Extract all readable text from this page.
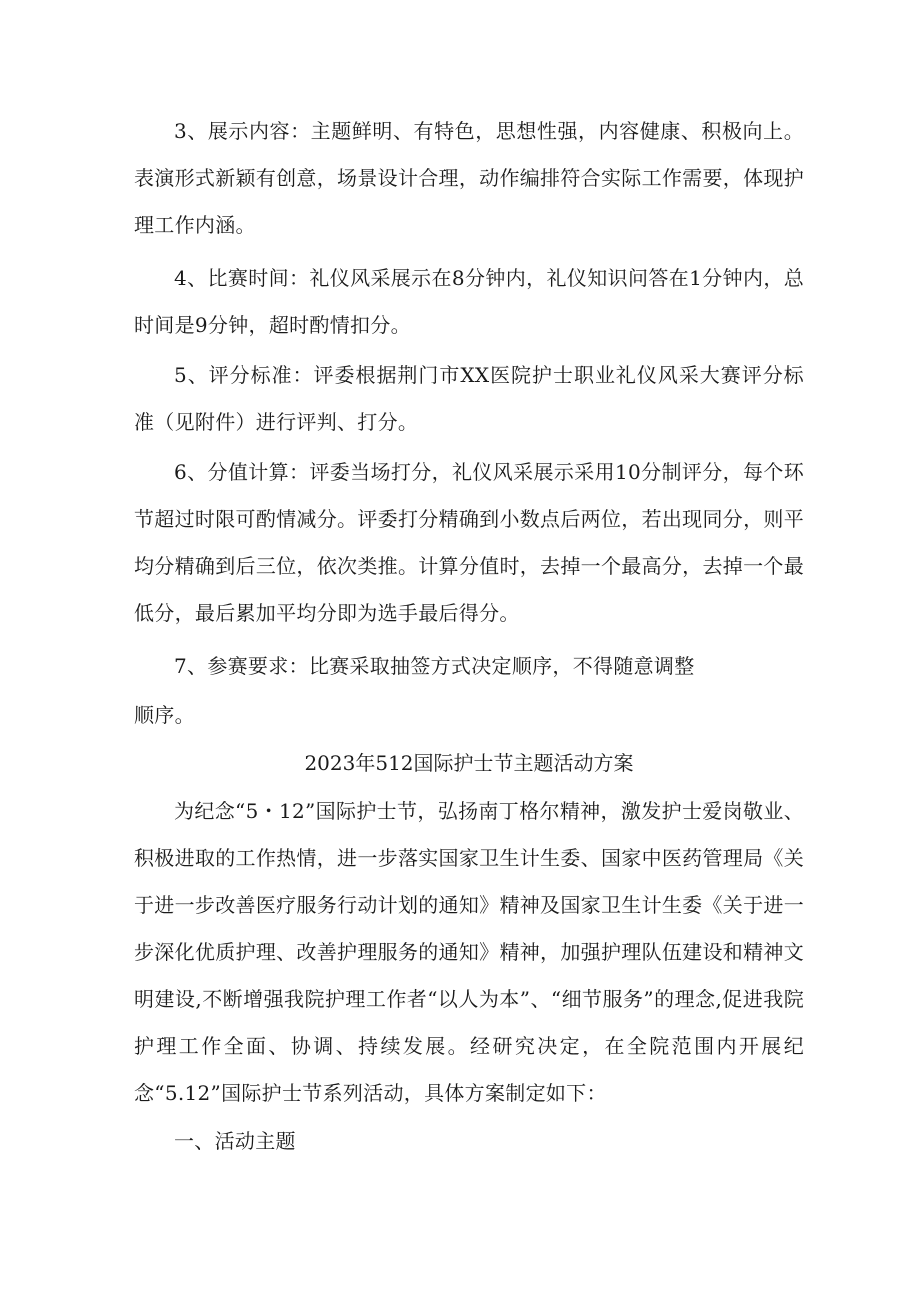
3、展示内容：主题鲜明、有特色，思想性强，内容健康、积极向上。表演形式新颖有创意，场景设计合理，动作编排符合实际工作需要，体现护理工作内涵。

4、比赛时间：礼仪风采展示在8分钟内，礼仪知识问答在1分钟内，总时间是9分钟，超时酌情扣分。

5、评分标准：评委根据荆门市XX医院护士职业礼仪风采大赛评分标准（见附件）进行评判、打分。

6、分值计算：评委当场打分，礼仪风采展示采用10分制评分，每个环节超过时限可酌情减分。评委打分精确到小数点后两位，若出现同分，则平均分精确到后三位，依次类推。计算分值时，去掉一个最高分，去掉一个最低分，最后累加平均分即为选手最后得分。

7、参赛要求：比赛采取抽签方式决定顺序，不得随意调整

顺序。

2023年512国际护士节主题活动方案

为纪念“5・12”国际护士节，弘扬南丁格尔精神，激发护士爱岗敬业、积极进取的工作热情，进一步落实国家卫生计生委、国家中医药管理局《关于进一步改善医疗服务行动计划的通知》精神及国家卫生计生委《关于进一步深化优质护理、改善护理服务的通知》精神，加强护理队伍建设和精神文明建设,不断增强我院护理工作者“以人为本”、“细节服务”的理念,促进我院护理工作全面、协调、持续发展。经研究决定，在全院范围内开展纪念“5.12”国际护士节系列活动，具体方案制定如下：

一、活动主题
